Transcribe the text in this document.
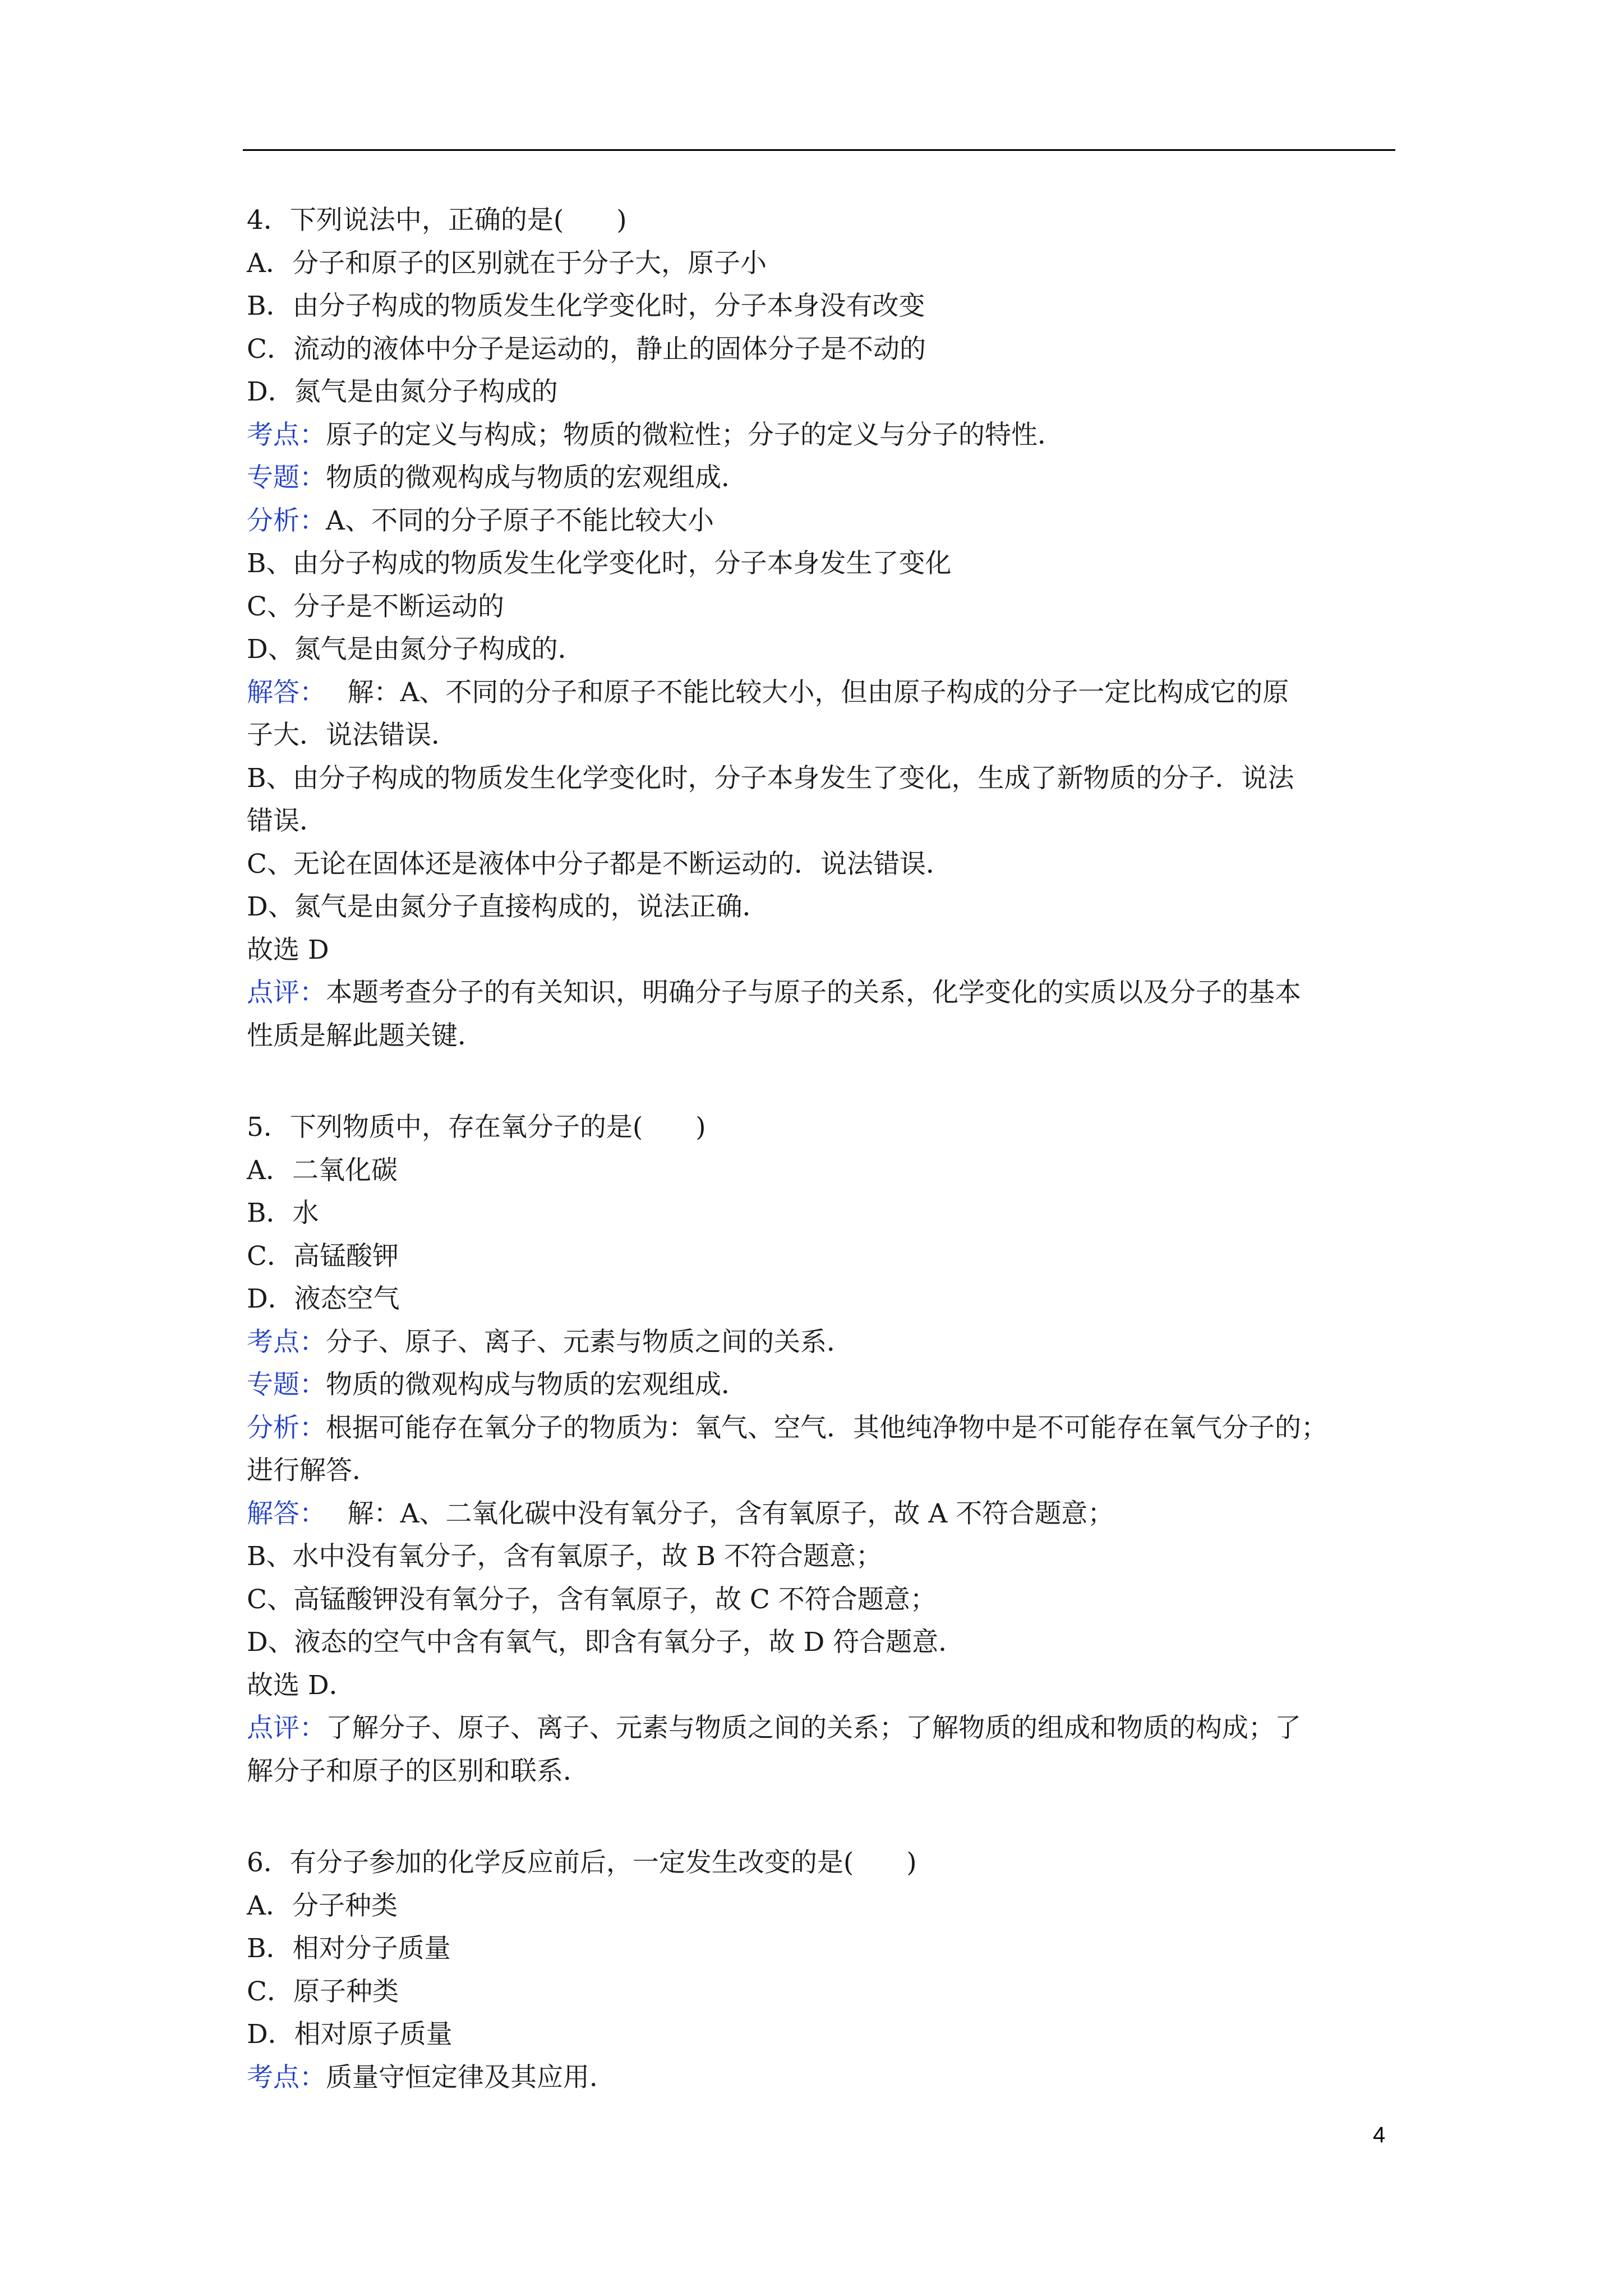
4．下列说法中，正确的是(　　)

A．分子和原子的区别就在于分子大，原子小

B．由分子构成的物质发生化学变化时，分子本身没有改变

C．流动的液体中分子是运动的，静止的固体分子是不动的

D．氮气是由氮分子构成的

考点：原子的定义与构成；物质的微粒性；分子的定义与分子的特性．

专题：物质的微观构成与物质的宏观组成．

分析：A、不同的分子原子不能比较大小

B、由分子构成的物质发生化学变化时，分子本身发生了变化

C、分子是不断运动的

D、氮气是由氮分子构成的．

解答：　 解：A、不同的分子和原子不能比较大小，但由原子构成的分子一定比构成它的原

子大．说法错误．

B、由分子构成的物质发生化学变化时，分子本身发生了变化，生成了新物质的分子．说法

错误．

C、无论在固体还是液体中分子都是不断运动的．说法错误．

D、氮气是由氮分子直接构成的，说法正确．

故选 D

点评：本题考查分子的有关知识，明确分子与原子的关系，化学变化的实质以及分子的基本

性质是解此题关键．

5．下列物质中，存在氧分子的是(　　)

A．二氧化碳

B．水

C．高锰酸钾

D．液态空气

考点：分子、原子、离子、元素与物质之间的关系．

专题：物质的微观构成与物质的宏观组成．

分析：根据可能存在氧分子的物质为：氧气、空气．其他纯净物中是不可能存在氧气分子的；

进行解答．

解答：　 解：A、二氧化碳中没有氧分子，含有氧原子，故 A 不符合题意；

B、水中没有氧分子，含有氧原子，故 B 不符合题意；

C、高锰酸钾没有氧分子，含有氧原子，故 C 不符合题意；

D、液态的空气中含有氧气，即含有氧分子，故 D 符合题意．

故选 D．

点评：了解分子、原子、离子、元素与物质之间的关系；了解物质的组成和物质的构成；了

解分子和原子的区别和联系．

6．有分子参加的化学反应前后，一定发生改变的是(　　)

A．分子种类

B．相对分子质量

C．原子种类

D．相对原子质量

考点：质量守恒定律及其应用．

4
